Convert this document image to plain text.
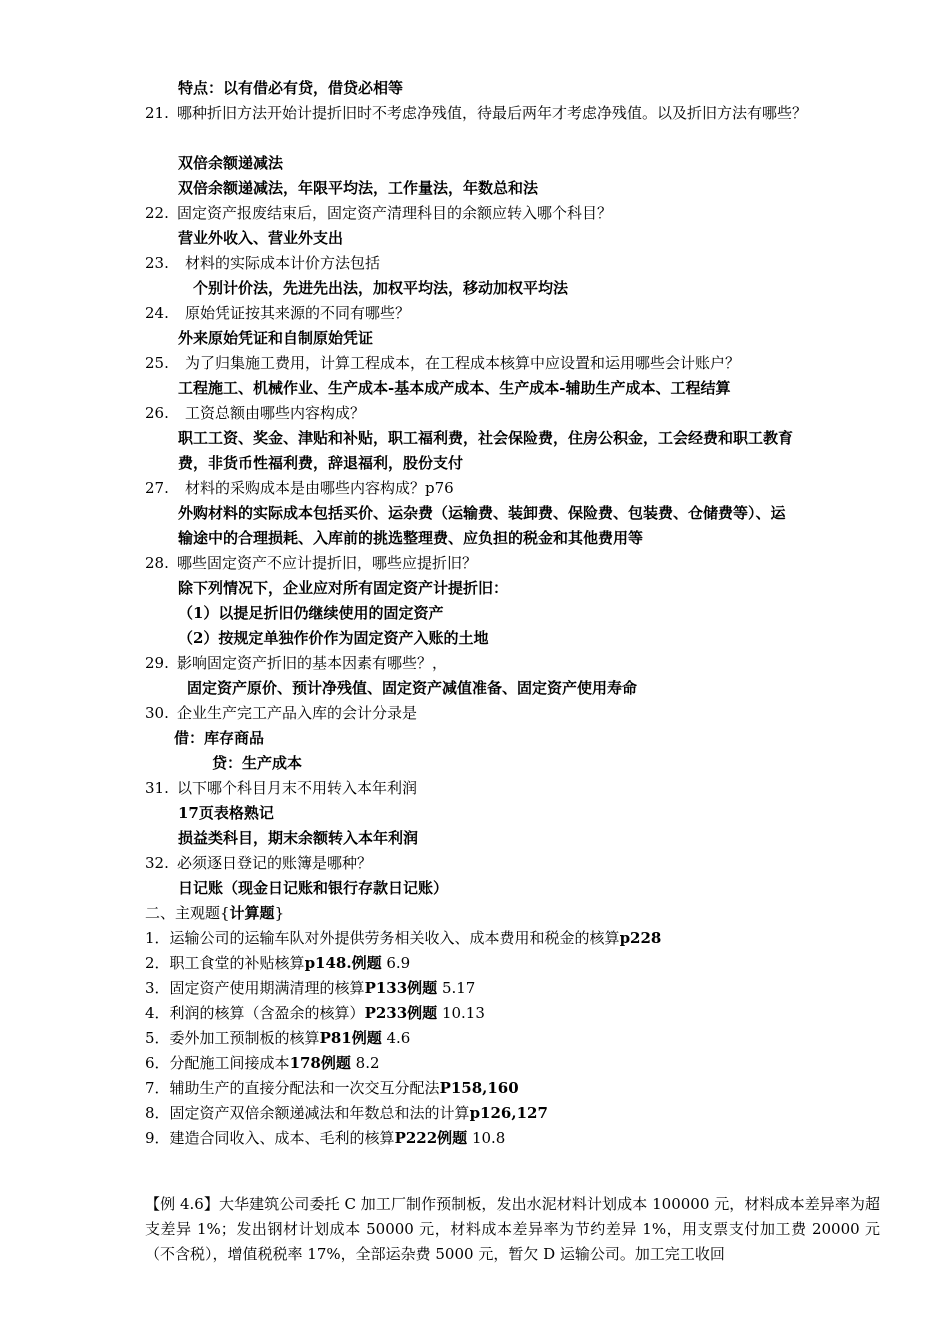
特点：以有借必有贷，借贷必相等
21. 哪种折旧方法开始计提折旧时不考虑净残值，待最后两年才考虑净残值。以及折旧方法有哪些？
双倍余额递减法
双倍余额递减法，年限平均法，工作量法，年数总和法
22. 固定资产报废结束后，固定资产清理科目的余额应转入哪个科目？
营业外收入、营业外支出
23. 材料的实际成本计价方法包括
个别计价法，先进先出法，加权平均法，移动加权平均法
24. 原始凭证按其来源的不同有哪些？
外来原始凭证和自制原始凭证
25. 为了归集施工费用，计算工程成本，在工程成本核算中应设置和运用哪些会计账户？
工程施工、机械作业、生产成本-基本成产成本、生产成本-辅助生产成本、工程结算
26. 工资总额由哪些内容构成？
职工工资、奖金、津贴和补贴，职工福利费，社会保险费，住房公积金，工会经费和职工教育
费，非货币性福利费，辞退福利，股份支付
27. 材料的采购成本是由哪些内容构成？p76
外购材料的实际成本包括买价、运杂费（运输费、装卸费、保险费、包装费、仓储费等）、运
输途中的合理损耗、入库前的挑选整理费、应负担的税金和其他费用等
28. 哪些固定资产不应计提折旧，哪些应提折旧？
除下列情况下，企业应对所有固定资产计提折旧：
（1）以提足折旧仍继续使用的固定资产
（2）按规定单独作价作为固定资产入账的土地
29. 影响固定资产折旧的基本因素有哪些？，
固定资产原价、预计净残值、固定资产减值准备、固定资产使用寿命
30. 企业生产完工产品入库的会计分录是
借：库存商品
贷：生产成本
31. 以下哪个科目月末不用转入本年利润
17页表格熟记
损益类科目，期末余额转入本年利润
32. 必须逐日登记的账簿是哪种？
日记账（现金日记账和银行存款日记账）
二、主观题{计算题}
1．运输公司的运输车队对外提供劳务相关收入、成本费用和税金的核算p228
2．职工食堂的补贴核算p148.例题 6.9
3．固定资产使用期满清理的核算P133例题 5.17
4．利润的核算（含盈余的核算）P233例题 10.13
5．委外加工预制板的核算P81例题 4.6
6．分配施工间接成本178例题 8.2
7．辅助生产的直接分配法和一次交互分配法P158,160
8．固定资产双倍余额递减法和年数总和法的计算p126,127
9．建造合同收入、成本、毛利的核算P222例题 10.8
【例 4.6】大华建筑公司委托 C 加工厂制作预制板，发出水泥材料计划成本 100000 元，材料成本差异率为超支差异 1%；发出钢材计划成本 50000 元，材料成本差异率为节约差异 1%，用支票支付加工费 20000 元（不含税），增值税税率 17%，全部运杂费 5000 元，暂欠 D 运输公司。加工完工收回
